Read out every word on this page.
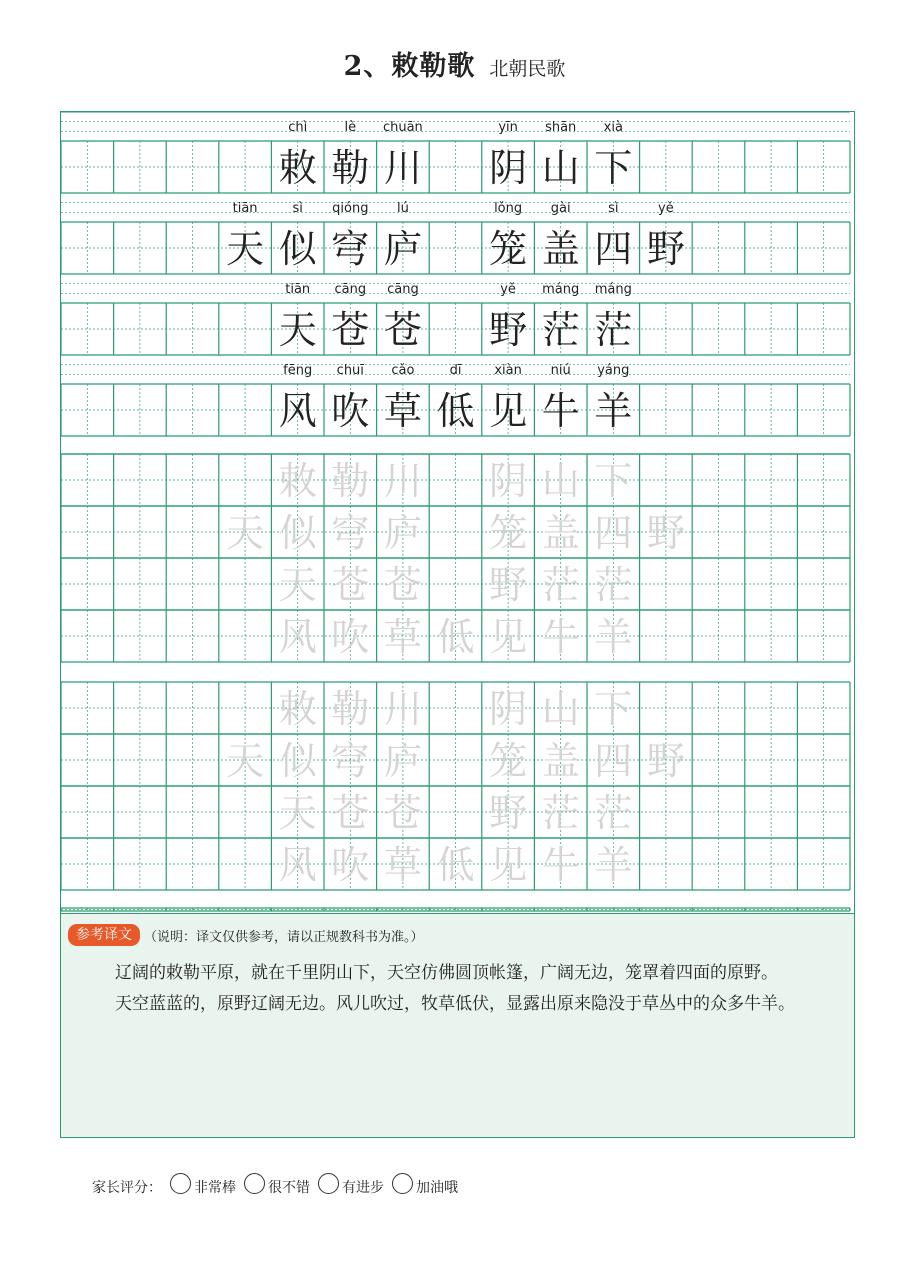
2、敕勒歌 北朝民歌
chì	lè chuān	yīn shān xià
敕 勒 川 阴 山 下
tiān	sì qióng lú	lǒng gài	sì	yě
天 似 穹 庐 笼 盖 四 野
tiān cāng cāng	yě máng máng
天 苍 苍 野 茫 茫
fēng chuī cǎo	dī	xiàn niú yáng
风 吹 草 低 见 牛 羊
敕 勒 川 阴 山 下
天 似 穹 庐 笼 盖 四 野
天 苍 苍 野 茫 茫
风 吹 草 低 见 牛 羊
敕 勒 川 阴 山 下
天 似 穹 庐 笼 盖 四 野
天 苍 苍 野 茫 茫
风 吹 草 低 见 牛 羊
参考译文 （说明：译文仅供参考，请以正规教科书为准。）

辽阔的敕勒平原，就在千里阴山下，天空仿佛圆顶帐篷，广阔无边，笼罩着四面的原野。

天空蓝蓝的，原野辽阔无边。风儿吹过，牧草低伏，显露出原来隐没于草丛中的众多牛羊。

家长评分： 非常棒 很不错 有进步 加油哦
